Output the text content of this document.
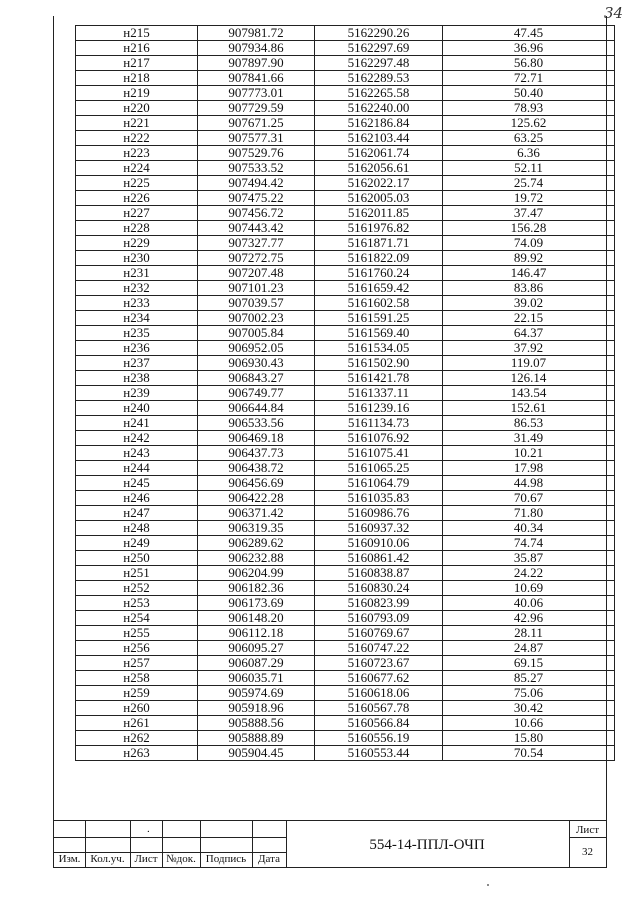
34
н215	907981.72	5162290.26	47.45
н216	907934.86	5162297.69	36.96
н217	907897.90	5162297.48	56.80
н218	907841.66	5162289.53	72.71
н219	907773.01	5162265.58	50.40
н220	907729.59	5162240.00	78.93
н221	907671.25	5162186.84	125.62
н222	907577.31	5162103.44	63.25
н223	907529.76	5162061.74	6.36
н224	907533.52	5162056.61	52.11
н225	907494.42	5162022.17	25.74
н226	907475.22	5162005.03	19.72
н227	907456.72	5162011.85	37.47
н228	907443.42	5161976.82	156.28
н229	907327.77	5161871.71	74.09
н230	907272.75	5161822.09	89.92
н231	907207.48	5161760.24	146.47
н232	907101.23	5161659.42	83.86
н233	907039.57	5161602.58	39.02
н234	907002.23	5161591.25	22.15
н235	907005.84	5161569.40	64.37
н236	906952.05	5161534.05	37.92
н237	906930.43	5161502.90	119.07
н238	906843.27	5161421.78	126.14
н239	906749.77	5161337.11	143.54
н240	906644.84	5161239.16	152.61
н241	906533.56	5161134.73	86.53
н242	906469.18	5161076.92	31.49
н243	906437.73	5161075.41	10.21
н244	906438.72	5161065.25	17.98
н245	906456.69	5161064.79	44.98
н246	906422.28	5161035.83	70.67
н247	906371.42	5160986.76	71.80
н248	906319.35	5160937.32	40.34
н249	906289.62	5160910.06	74.74
н250	906232.88	5160861.42	35.87
н251	906204.99	5160838.87	24.22
н252	906182.36	5160830.24	10.69
н253	906173.69	5160823.99	40.06
н254	906148.20	5160793.09	42.96
н255	906112.18	5160769.67	28.11
н256	906095.27	5160747.22	24.87
н257	906087.29	5160723.67	69.15
н258	906035.71	5160677.62	85.27
н259	905974.69	5160618.06	75.06
н260	905918.96	5160567.78	30.42
н261	905888.56	5160566.84	10.66
н262	905888.89	5160556.19	15.80
н263	905904.45	5160553.44	70.54
.
Изм. Кол.уч. Лист №док. Подпись	Дата
554-14-ППЛ-ОЧП
Лист
32
